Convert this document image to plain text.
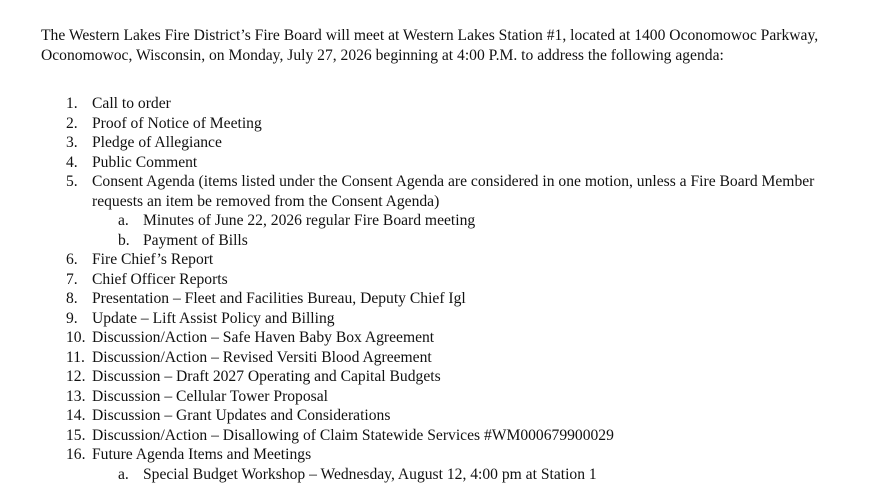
The Western Lakes Fire District’s Fire Board will meet at Western Lakes Station #1, located at 1400 Oconomowoc Parkway, Oconomowoc, Wisconsin, on Monday, July 27, 2026 beginning at 4:00 P.M. to address the following agenda:

1. Call to order
2. Proof of Notice of Meeting
3. Pledge of Allegiance
4. Public Comment
5. Consent Agenda (items listed under the Consent Agenda are considered in one motion, unless a Fire Board Member requests an item be removed from the Consent Agenda)
a. Minutes of June 22, 2026 regular Fire Board meeting
b. Payment of Bills
6. Fire Chief’s Report
7. Chief Officer Reports
8. Presentation – Fleet and Facilities Bureau, Deputy Chief Igl
9. Update – Lift Assist Policy and Billing
10. Discussion/Action – Safe Haven Baby Box Agreement
11. Discussion/Action – Revised Versiti Blood Agreement
12. Discussion – Draft 2027 Operating and Capital Budgets
13. Discussion – Cellular Tower Proposal
14. Discussion – Grant Updates and Considerations
15. Discussion/Action – Disallowing of Claim Statewide Services #WM000679900029
16. Future Agenda Items and Meetings
a. Special Budget Workshop – Wednesday, August 12, 4:00 pm at Station 1
